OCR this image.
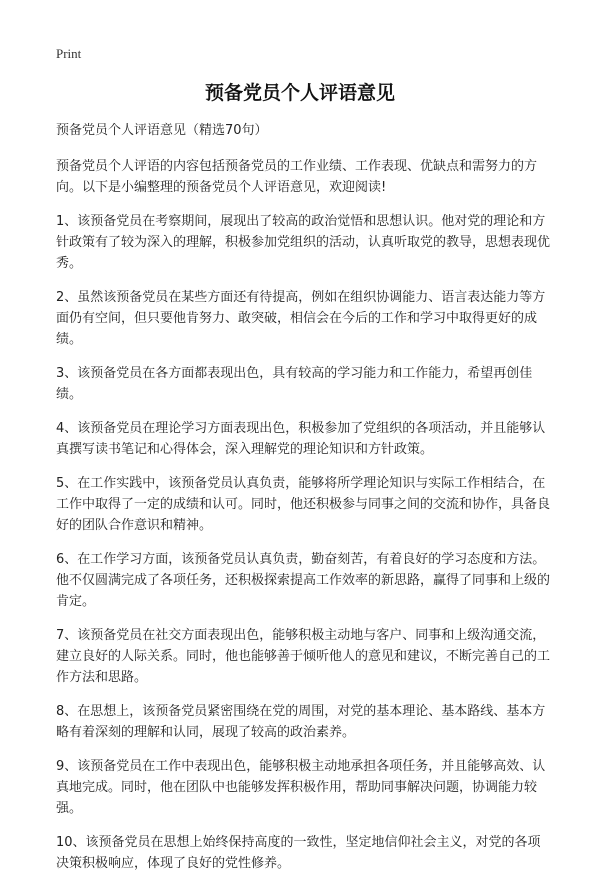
Print
预备党员个人评语意见

预备党员个人评语意见（精选70句）

预备党员个人评语的内容包括预备党员的工作业绩、工作表现、优缺点和需努力的方向。以下是小编整理的预备党员个人评语意见，欢迎阅读!

1、该预备党员在考察期间，展现出了较高的政治觉悟和思想认识。他对党的理论和方针政策有了较为深入的理解，积极参加党组织的活动，认真听取党的教导，思想表现优秀。

2、虽然该预备党员在某些方面还有待提高，例如在组织协调能力、语言表达能力等方面仍有空间，但只要他肯努力、敢突破，相信会在今后的工作和学习中取得更好的成绩。

3、该预备党员在各方面都表现出色，具有较高的学习能力和工作能力，希望再创佳绩。

4、该预备党员在理论学习方面表现出色，积极参加了党组织的各项活动，并且能够认真撰写读书笔记和心得体会，深入理解党的理论知识和方针政策。

5、在工作实践中，该预备党员认真负责，能够将所学理论知识与实际工作相结合，在工作中取得了一定的成绩和认可。同时，他还积极参与同事之间的交流和协作，具备良好的团队合作意识和精神。

6、在工作学习方面，该预备党员认真负责，勤奋刻苦，有着良好的学习态度和方法。他不仅圆满完成了各项任务，还积极探索提高工作效率的新思路，赢得了同事和上级的肯定。

7、该预备党员在社交方面表现出色，能够积极主动地与客户、同事和上级沟通交流，建立良好的人际关系。同时，他也能够善于倾听他人的意见和建议，不断完善自己的工作方法和思路。

8、在思想上，该预备党员紧密围绕在党的周围，对党的基本理论、基本路线、基本方略有着深刻的理解和认同，展现了较高的政治素养。

9、该预备党员在工作中表现出色，能够积极主动地承担各项任务，并且能够高效、认真地完成。同时，他在团队中也能够发挥积极作用，帮助同事解决问题，协调能力较强。

10、该预备党员在思想上始终保持高度的一致性，坚定地信仰社会主义，对党的各项决策积极响应，体现了良好的党性修养。
